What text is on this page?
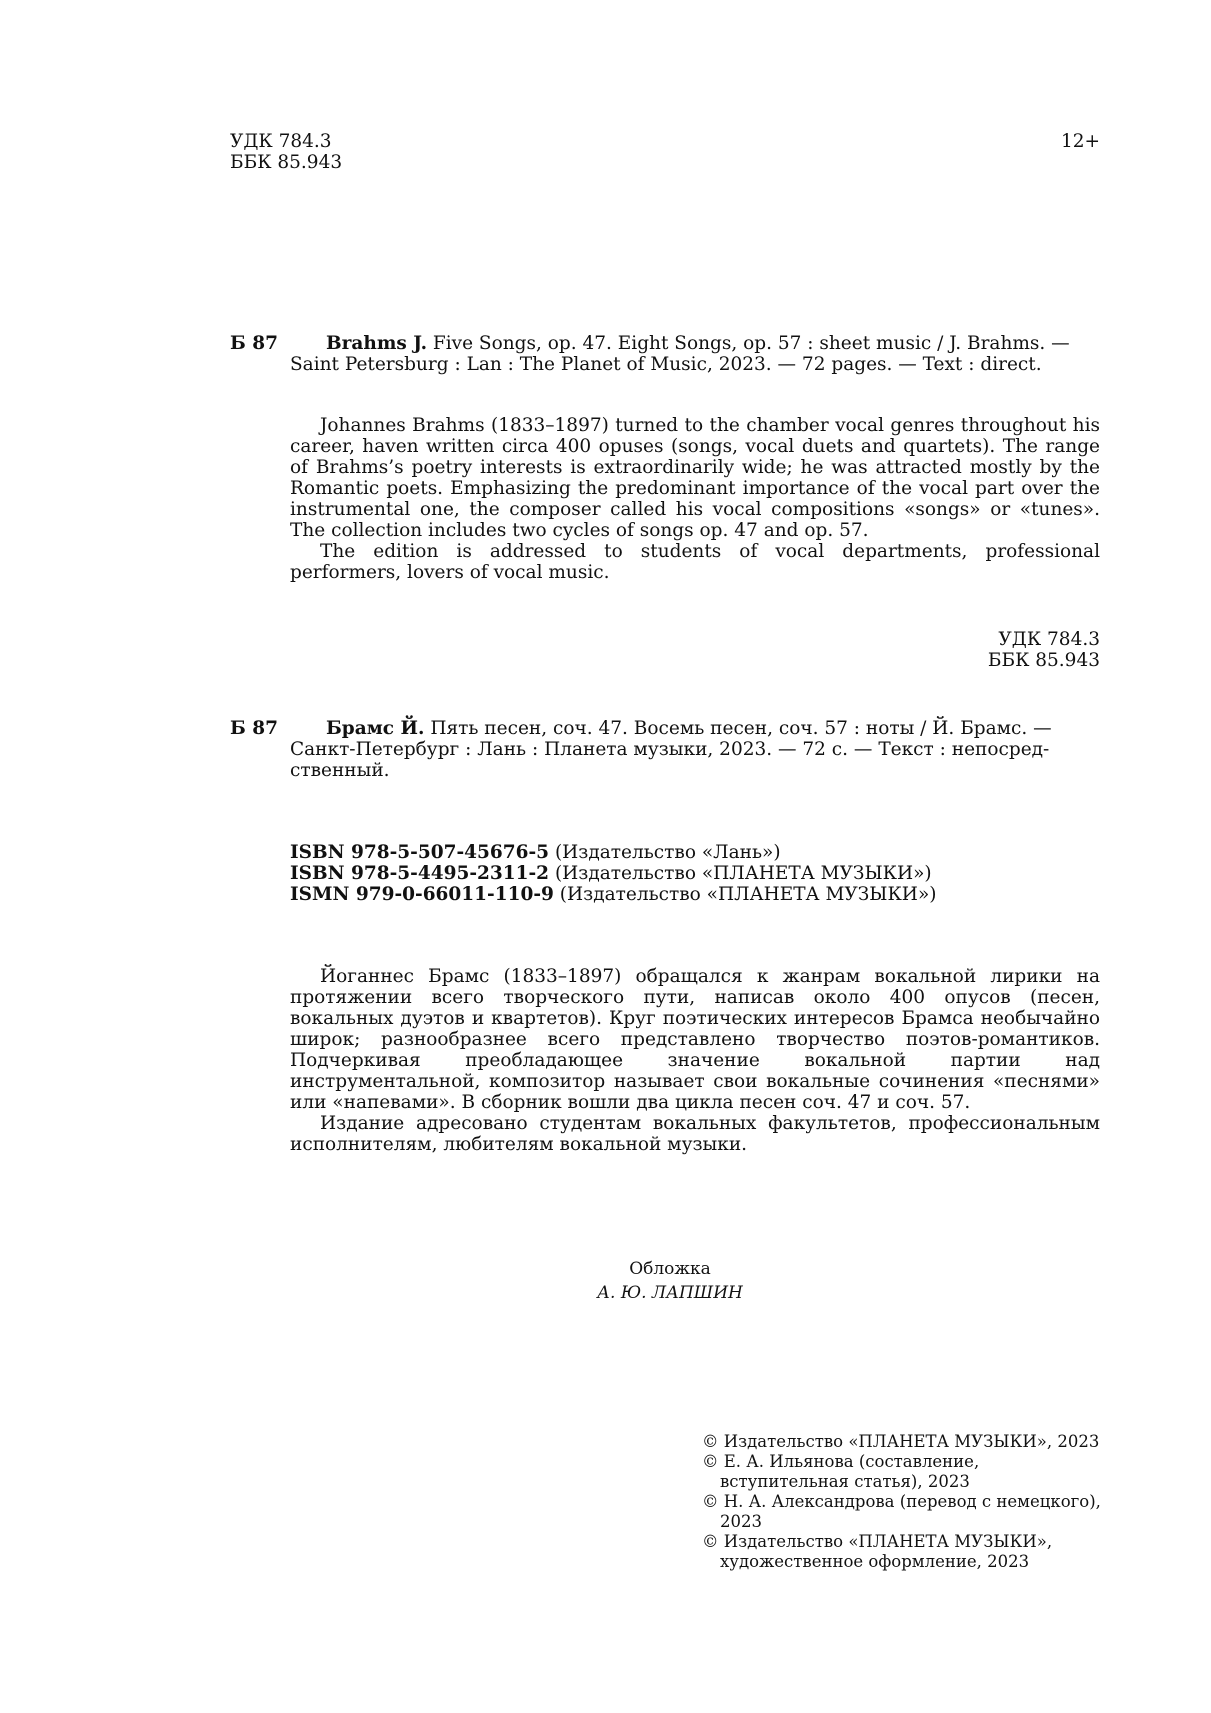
УДК 784.3
ББК 85.943
12+
Б 87	Brahms J. Five Songs, op. 47. Eight Songs, op. 57 : sheet music / J. Brahms. —
Saint Petersburg : Lan : The Planet of Music, 2023. — 72 pages. — Text : direct.

Johannes Brahms (1833–1897) turned to the chamber vocal genres throughout his career, haven written circa 400 opuses (songs, vocal duets and quartets). The range of Brahms’s poetry interests is extraordinarily wide; he was attracted mostly by the Romantic poets. Emphasizing the predominant importance of the vocal part over the instrumental one, the composer called his vocal compositions «songs» or «tunes». The collection includes two cycles of songs op. 47 and op. 57.

The edition is addressed to students of vocal departments, professional performers, lovers of vocal music.

УДК 784.3
ББК 85.943
Б 87	Брамс Й. Пять песен, соч. 47. Восемь песен, соч. 57 : ноты / Й. Брамс. —
Санкт-Петербург : Лань : Планета музыки, 2023. — 72 с. — Текст : непосред-
ственный.
ISBN 978-5-507-45676-5 (Издательство «Лань»)
ISBN 978-5-4495-2311-2 (Издательство «ПЛАНЕТА МУЗЫКИ»)
ISMN 979-0-66011-110-9 (Издательство «ПЛАНЕТА МУЗЫКИ»)

Йоганнес Брамс (1833–1897) обращался к жанрам вокальной лирики на протяжении всего творческого пути, написав около 400 опусов (песен, вокальных дуэтов и квартетов). Круг поэтических интересов Брамса необычайно широк; разнообразнее всего представлено творчество поэтов-романтиков. Подчеркивая преобладающее значение вокальной партии над инструментальной, композитор называет свои вокальные сочинения «песнями» или «напевами». В сборник вошли два цикла песен соч. 47 и соч. 57.

Издание адресовано студентам вокальных факультетов, профессиональным исполнителям, любителям вокальной музыки.

Обложка
А. Ю. ЛАПШИН
© Издательство «ПЛАНЕТА МУЗЫКИ», 2023
© Е. А. Ильянова (составление, вступительная статья), 2023
© Н. А. Александрова (перевод с немецкого), 2023
© Издательство «ПЛАНЕТА МУЗЫКИ», художественное оформление, 2023
